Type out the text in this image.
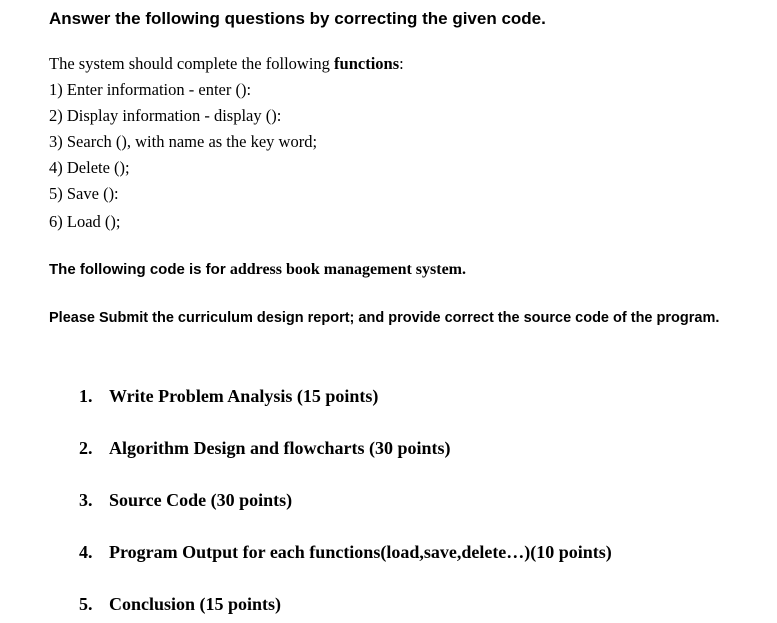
Answer the following questions by correcting the given code.
The system should complete the following functions:
1) Enter information - enter ():
2) Display information - display ():
3) Search (), with name as the key word;
4) Delete ();
5) Save ():
6) Load ();
The following code is for address book management system.
Please Submit the curriculum design report; and provide correct the source code of the program.
1. Write Problem Analysis (15 points)
2. Algorithm Design and flowcharts (30 points)
3. Source Code (30 points)
4. Program Output for each functions(load,save,delete…)(10 points)
5. Conclusion (15 points)
